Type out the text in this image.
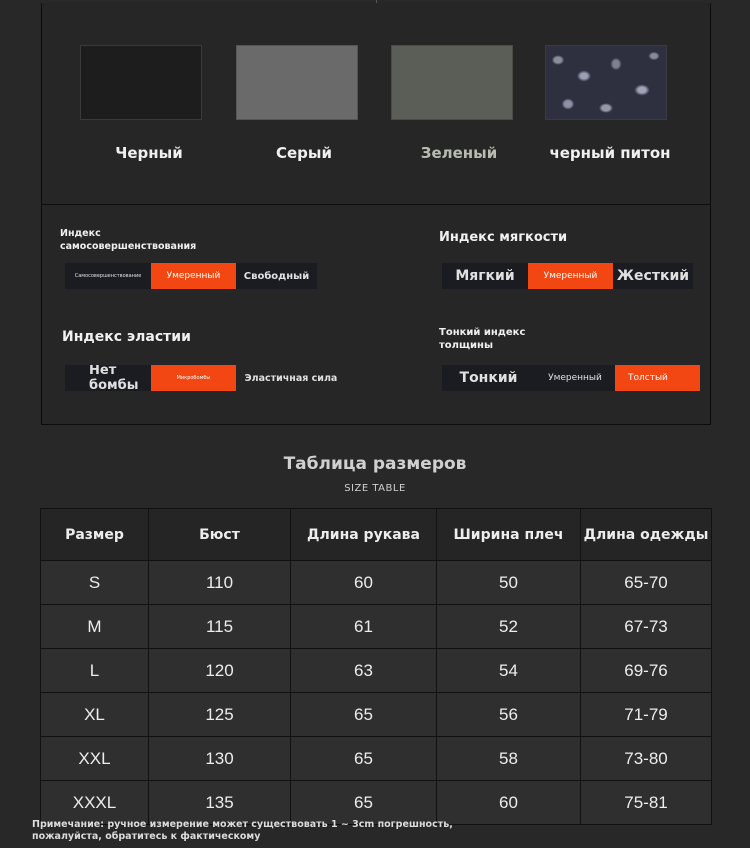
Черный	Серый	Зеленый	черный питон
Индекс самосовершенствования
Самосовершенствование	Умеренный	Свободный
Индекс мягкости
Мягкий	Умеренный	Жесткий
Индекс эластии
Нет бомбы	Микробомбы	Эластичная сила
Тонкий индекс толщины
Тонкий	Умеренный	Толстый
Таблица размеров
SIZE TABLE
Размер	Бюст	Длина рукава	Ширина плеч	Длина одежды
S	110	60	50	65-70
M	115	61	52	67-73
L	120	63	54	69-76
XL	125	65	56	71-79
XXL	130	65	58	73-80
XXXL	135	65	60	75-81
Примечание: ручное измерение может существовать 1 ~ 3cm погрешность,
пожалуйста, обратитесь к фактическому
